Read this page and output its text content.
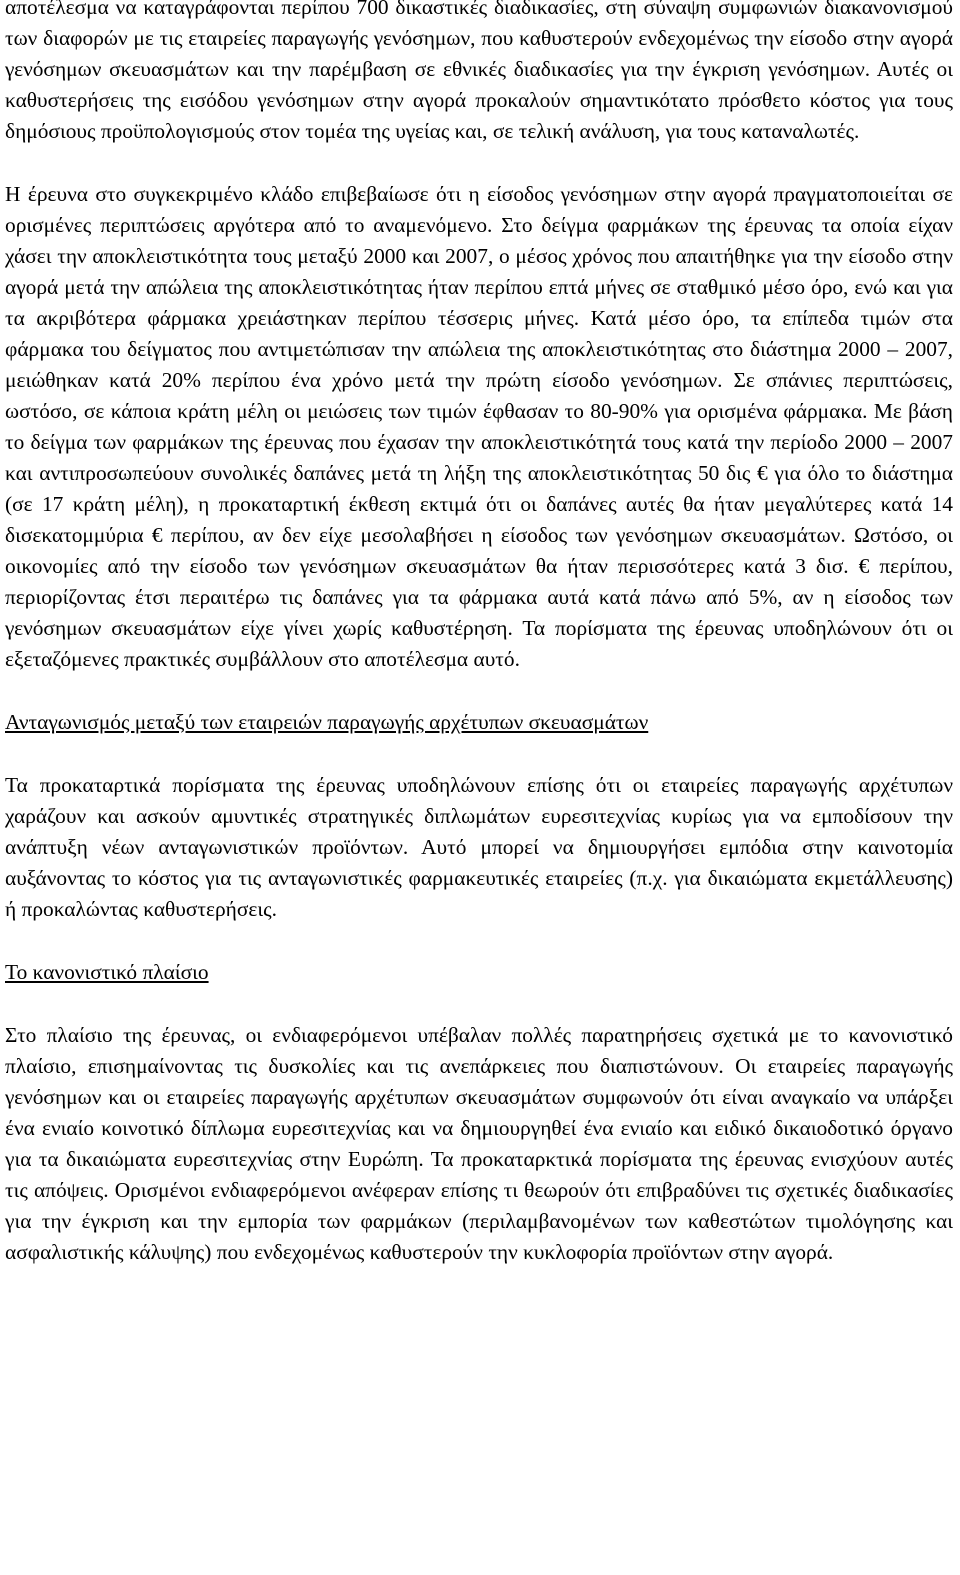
αποτέλεσμα να καταγράφονται περίπου 700 δικαστικές διαδικασίες, στη σύναψη συμφωνιών διακανονισμού των διαφορών με τις εταιρείες παραγωγής γενόσημων, που καθυστερούν ενδεχομένως την είσοδο στην αγορά γενόσημων σκευασμάτων και την παρέμβαση σε εθνικές διαδικασίες για την έγκριση γενόσημων. Αυτές οι καθυστερήσεις της εισόδου γενόσημων στην αγορά προκαλούν σημαντικότατο πρόσθετο κόστος για τους δημόσιους προϋπολογισμούς στον τομέα της υγείας και, σε τελική ανάλυση, για τους καταναλωτές.

Η έρευνα στο συγκεκριμένο κλάδο επιβεβαίωσε ότι η είσοδος γενόσημων στην αγορά πραγματοποιείται σε ορισμένες περιπτώσεις αργότερα από το αναμενόμενο. Στο δείγμα φαρμάκων της έρευνας τα οποία είχαν χάσει την αποκλειστικότητα τους μεταξύ 2000 και 2007, ο μέσος χρόνος που απαιτήθηκε για την είσοδο στην αγορά μετά την απώλεια της αποκλειστικότητας ήταν περίπου επτά μήνες σε σταθμικό μέσο όρο, ενώ και για τα ακριβότερα φάρμακα χρειάστηκαν περίπου τέσσερις μήνες. Κατά μέσο όρο, τα επίπεδα τιμών στα φάρμακα του δείγματος που αντιμετώπισαν την απώλεια της αποκλειστικότητας στο διάστημα 2000 – 2007, μειώθηκαν κατά 20% περίπου ένα χρόνο μετά την πρώτη είσοδο γενόσημων. Σε σπάνιες περιπτώσεις, ωστόσο, σε κάποια κράτη μέλη οι μειώσεις των τιμών έφθασαν το 80-90% για ορισμένα φάρμακα. Με βάση το δείγμα των φαρμάκων της έρευνας που έχασαν την αποκλειστικότητά τους κατά την περίοδο 2000 – 2007 και αντιπροσωπεύουν συνολικές δαπάνες μετά τη λήξη της αποκλειστικότητας 50 δις € για όλο το διάστημα (σε 17 κράτη μέλη), η προκαταρτική έκθεση εκτιμά ότι οι δαπάνες αυτές θα ήταν μεγαλύτερες κατά 14 δισεκατομμύρια € περίπου, αν δεν είχε μεσολαβήσει η είσοδος των γενόσημων σκευασμάτων. Ωστόσο, οι οικονομίες από την είσοδο των γενόσημων σκευασμάτων θα ήταν περισσότερες κατά 3 δισ. € περίπου, περιορίζοντας έτσι περαιτέρω τις δαπάνες για τα φάρμακα αυτά κατά πάνω από 5%, αν η είσοδος των γενόσημων σκευασμάτων είχε γίνει χωρίς καθυστέρηση. Τα πορίσματα της έρευνας υποδηλώνουν ότι οι εξεταζόμενες πρακτικές συμβάλλουν στο αποτέλεσμα αυτό.

Ανταγωνισμός μεταξύ των εταιρειών παραγωγής αρχέτυπων σκευασμάτων

Τα προκαταρτικά πορίσματα της έρευνας υποδηλώνουν επίσης ότι οι εταιρείες παραγωγής αρχέτυπων χαράζουν και ασκούν αμυντικές στρατηγικές διπλωμάτων ευρεσιτεχνίας κυρίως για να εμποδίσουν την ανάπτυξη νέων ανταγωνιστικών προϊόντων. Αυτό μπορεί να δημιουργήσει εμπόδια στην καινοτομία αυξάνοντας το κόστος για τις ανταγωνιστικές φαρμακευτικές εταιρείες (π.χ. για δικαιώματα εκμετάλλευσης) ή προκαλώντας καθυστερήσεις.

Το κανονιστικό πλαίσιο

Στο πλαίσιο της έρευνας, οι ενδιαφερόμενοι υπέβαλαν πολλές παρατηρήσεις σχετικά με το κανονιστικό πλαίσιο, επισημαίνοντας τις δυσκολίες και τις ανεπάρκειες που διαπιστώνουν. Οι εταιρείες παραγωγής γενόσημων και οι εταιρείες παραγωγής αρχέτυπων σκευασμάτων συμφωνούν ότι είναι αναγκαίο να υπάρξει ένα ενιαίο κοινοτικό δίπλωμα ευρεσιτεχνίας και να δημιουργηθεί ένα ενιαίο και ειδικό δικαιοδοτικό όργανο για τα δικαιώματα ευρεσιτεχνίας στην Ευρώπη. Τα προκαταρκτικά πορίσματα της έρευνας ενισχύουν αυτές τις απόψεις. Ορισμένοι ενδιαφερόμενοι ανέφεραν επίσης τι θεωρούν ότι επιβραδύνει τις σχετικές διαδικασίες για την έγκριση και την εμπορία των φαρμάκων (περιλαμβανομένων των καθεστώτων τιμολόγησης και ασφαλιστικής κάλυψης) που ενδεχομένως καθυστερούν την κυκλοφορία προϊόντων στην αγορά.
